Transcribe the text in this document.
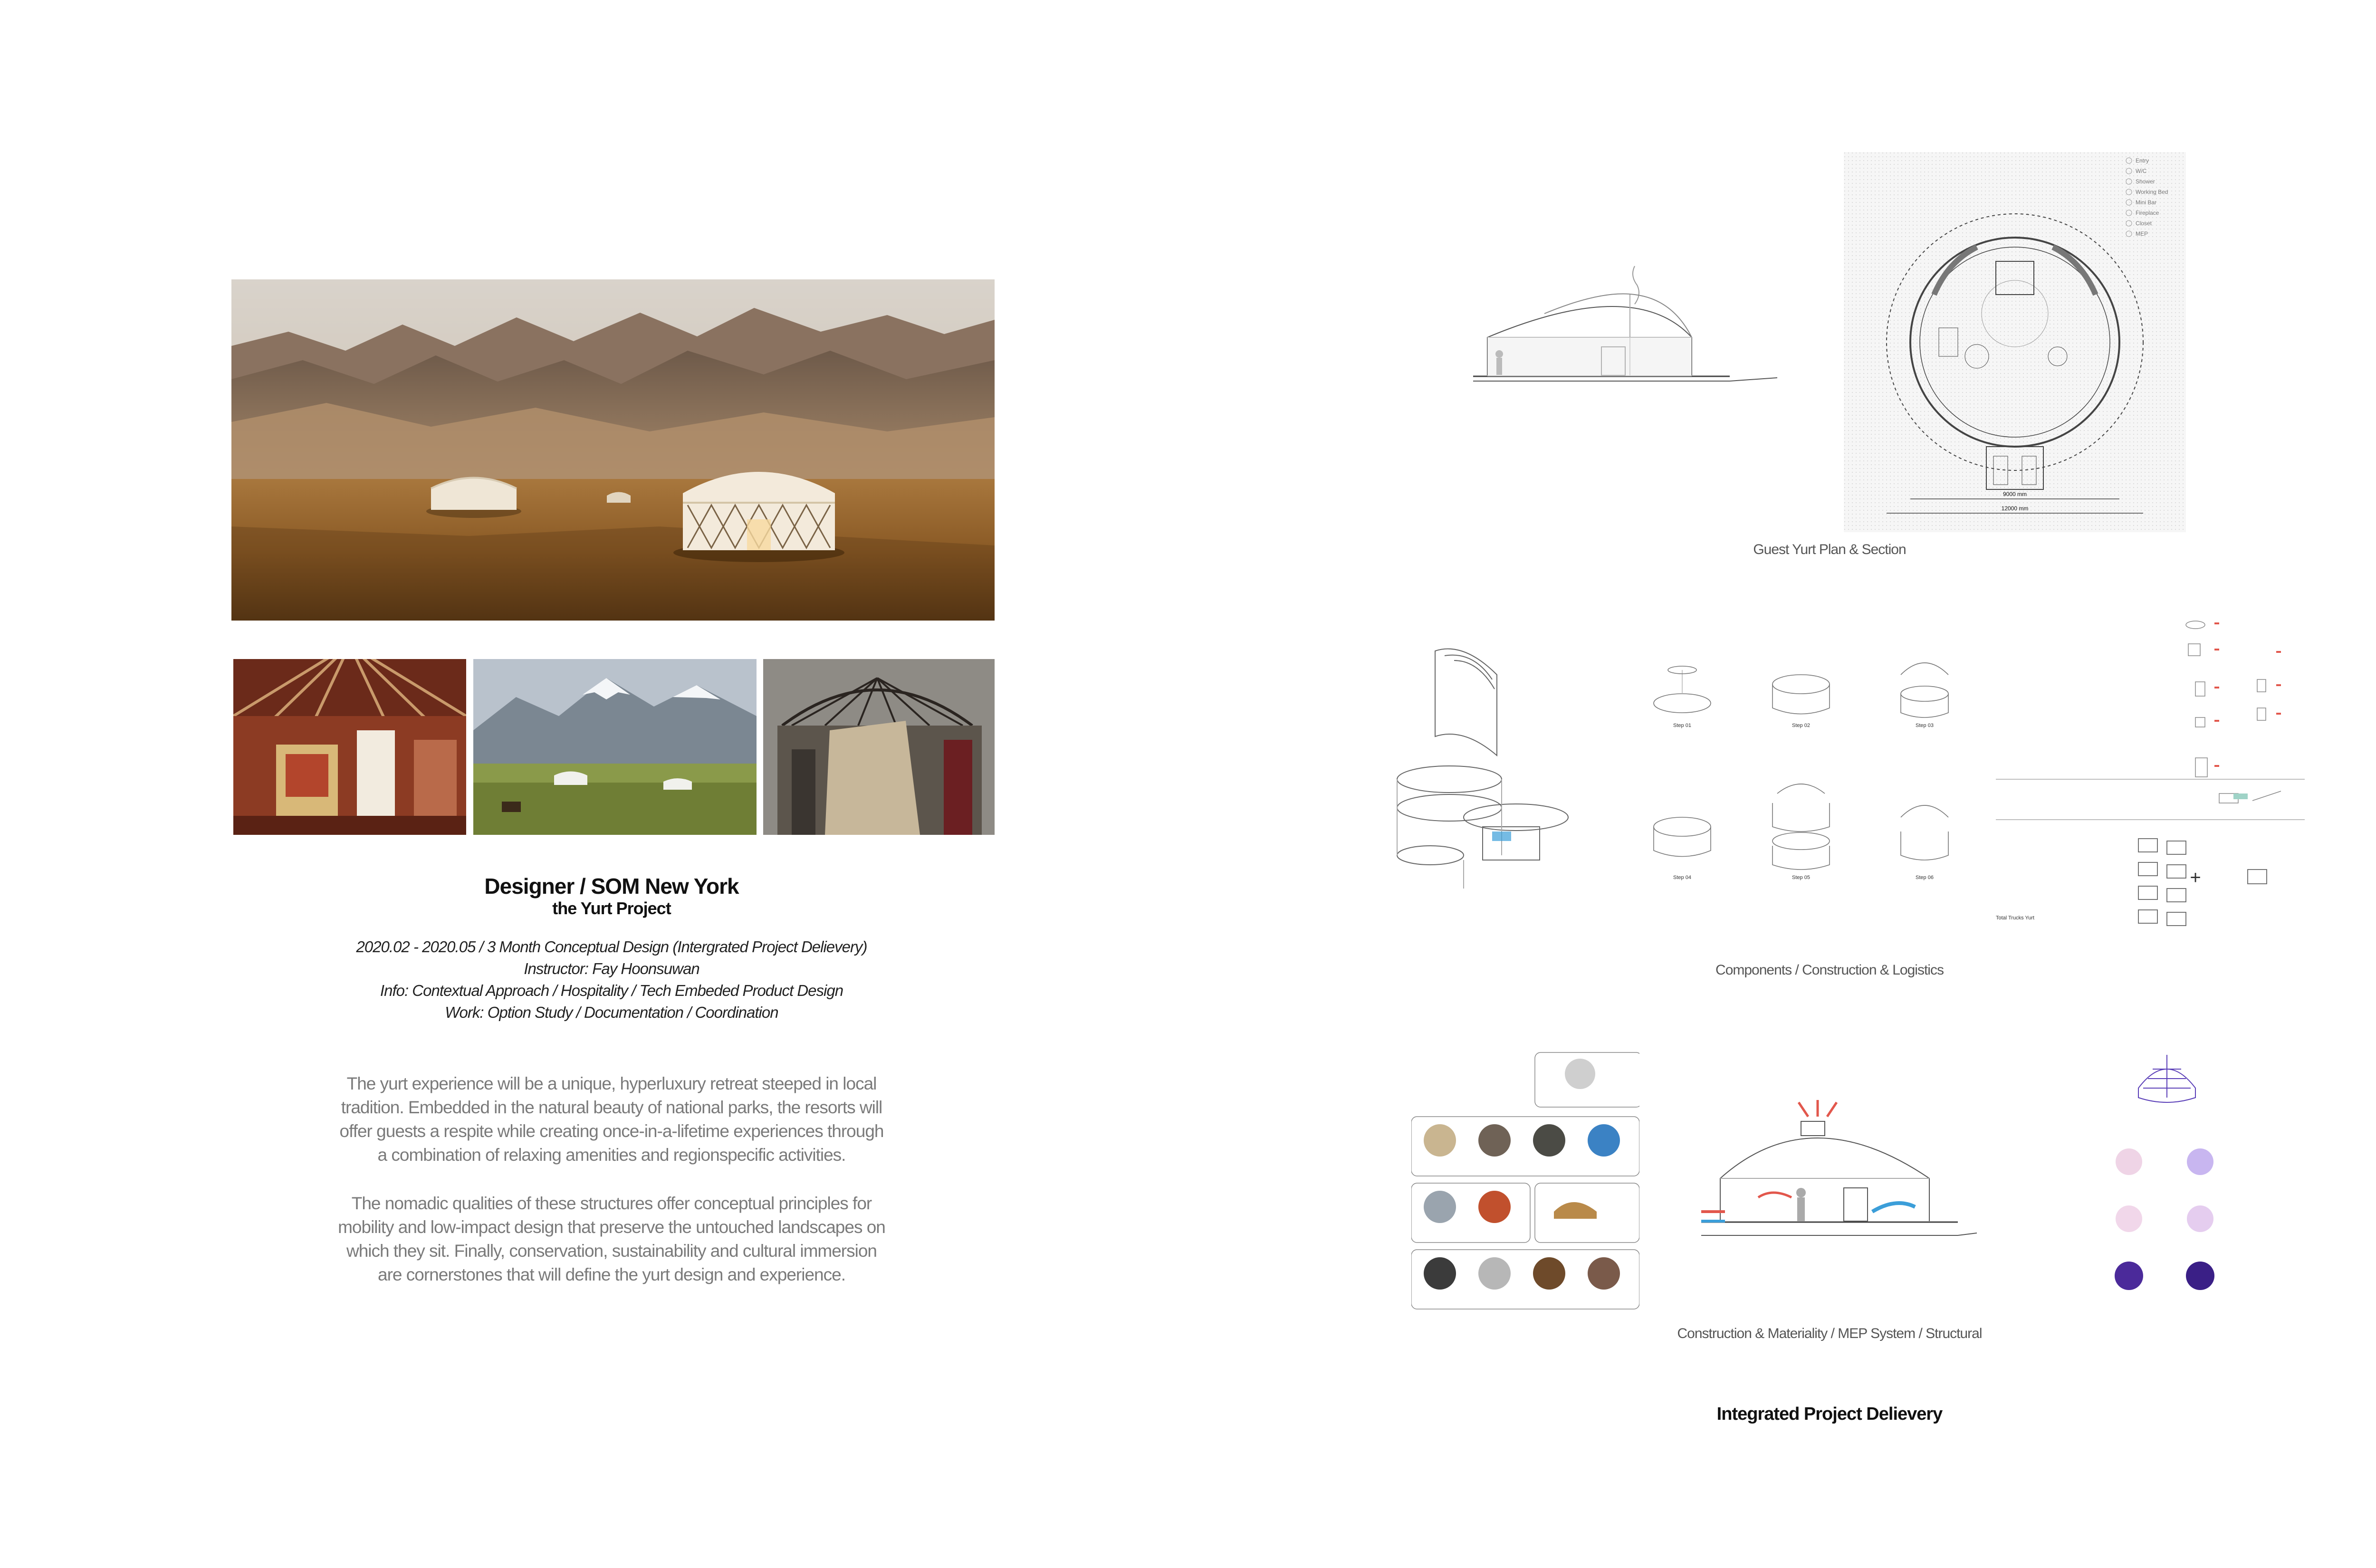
Designer / SOM New York
the Yurt Project
2020.02 - 2020.05 / 3 Month Conceptual Design (Intergrated Project Delievery)
Instructor: Fay Hoonsuwan
Info: Contextual Approach / Hospitality / Tech Embeded Product Design
Work: Option Study / Documentation / Coordination
The yurt experience will be a unique, hyperluxury retreat steeped in local
tradition. Embedded in the natural beauty of national parks, the resorts will
offer guests a respite while creating once-in-a-lifetime experiences through
a combination of relaxing amenities and regionspecific activities.
The nomadic qualities of these structures offer conceptual principles for
mobility and low-impact design that preserve the untouched landscapes on
which they sit. Finally, conservation, sustainability and cultural immersion
are cornerstones that will define the yurt design and experience.
9000 mm
12000 mm
Entry
W/C
Shower
Working Bed
Mini Bar
Fireplace
Closet
MEP
Guest Yurt Plan & Section
Step 01	Step 02	Step 03
Step 04	Step 05	Step 06	+
Total Trucks Yurt
Components / Construction & Logistics
Construction & Materiality / MEP System / Structural
Integrated Project Delievery
